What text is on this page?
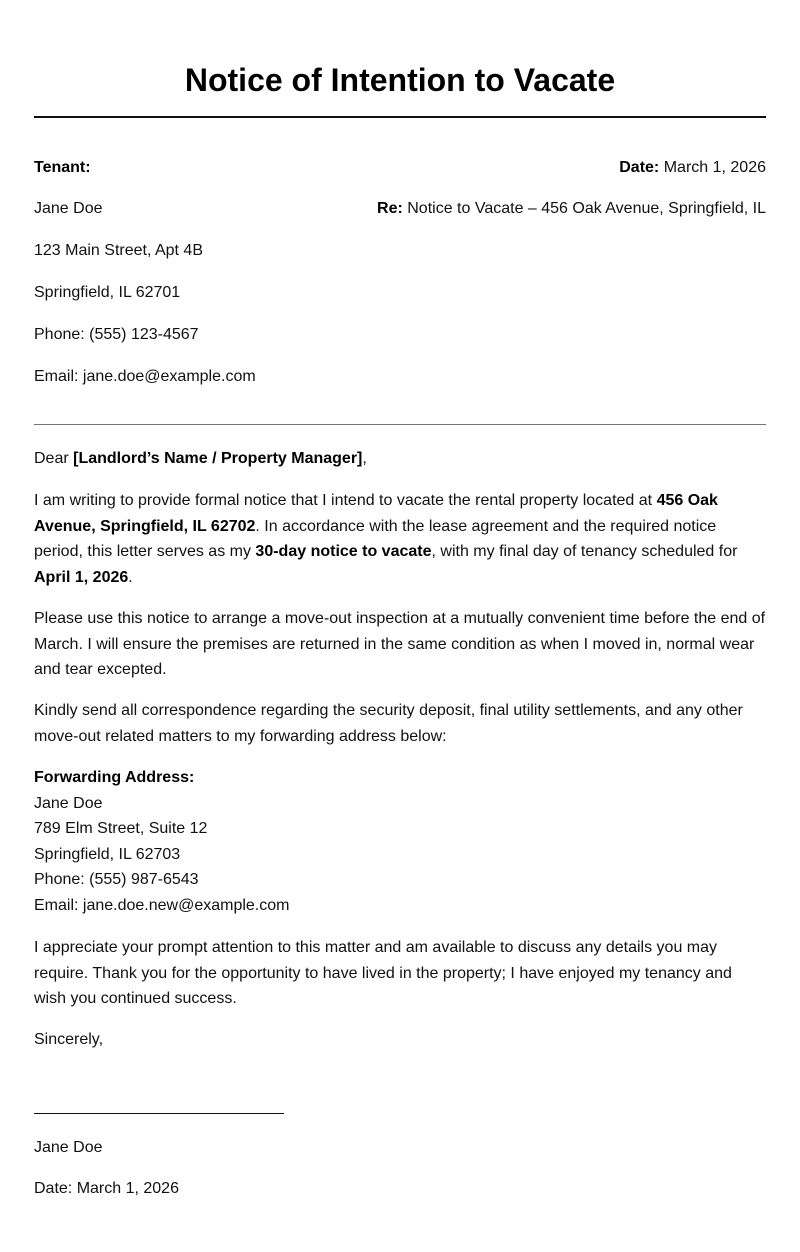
Notice of Intention to Vacate
Tenant:
Jane Doe
123 Main Street, Apt 4B
Springfield, IL 62701
Phone: (555) 123-4567
Email: jane.doe@example.com
Date: March 1, 2026
Re: Notice to Vacate – 456 Oak Avenue, Springfield, IL
Dear [Landlord’s Name / Property Manager],
I am writing to provide formal notice that I intend to vacate the rental property located at 456 Oak Avenue, Springfield, IL 62702. In accordance with the lease agreement and the required notice period, this letter serves as my 30-day notice to vacate, with my final day of tenancy scheduled for April 1, 2026.
Please use this notice to arrange a move-out inspection at a mutually convenient time before the end of March. I will ensure the premises are returned in the same condition as when I moved in, normal wear and tear excepted.
Kindly send all correspondence regarding the security deposit, final utility settlements, and any other move-out related matters to my forwarding address below:
Forwarding Address:
Jane Doe
789 Elm Street, Suite 12
Springfield, IL 62703
Phone: (555) 987-6543
Email: jane.doe.new@example.com
I appreciate your prompt attention to this matter and am available to discuss any details you may require. Thank you for the opportunity to have lived in the property; I have enjoyed my tenancy and wish you continued success.
Sincerely,
Jane Doe
Date: March 1, 2026
